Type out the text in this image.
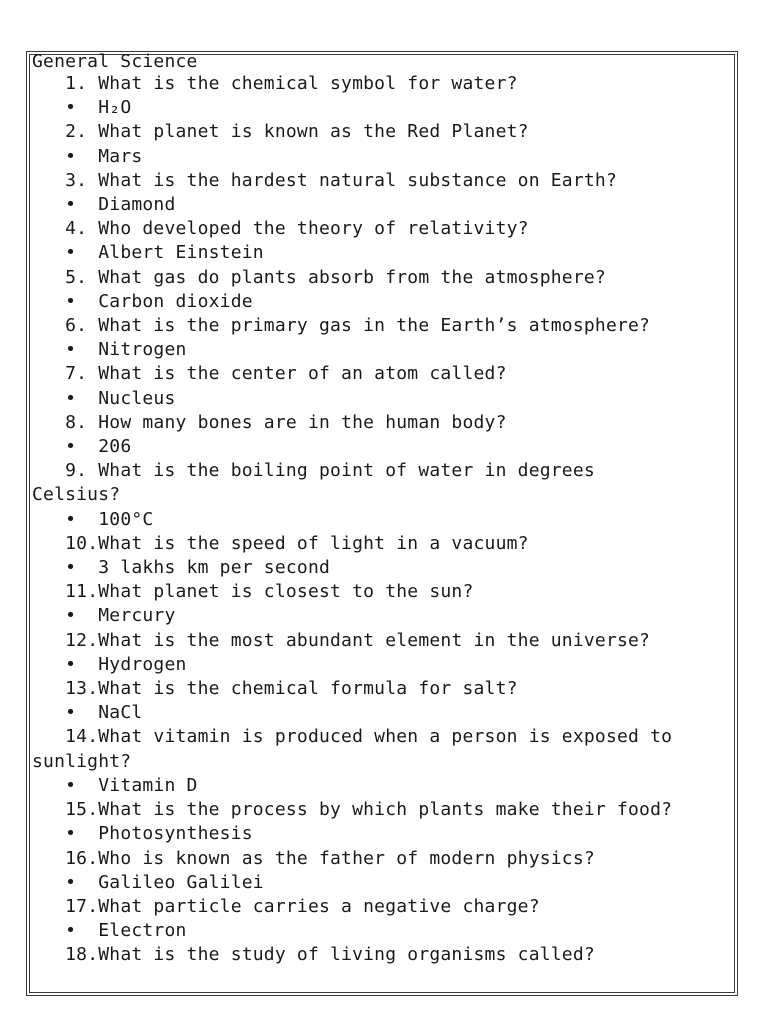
General Science
1. What is the chemical symbol for water?
• H₂O
2. What planet is known as the Red Planet?
• Mars
3. What is the hardest natural substance on Earth?
• Diamond
4. Who developed the theory of relativity?
• Albert Einstein
5. What gas do plants absorb from the atmosphere?
• Carbon dioxide
6. What is the primary gas in the Earth’s atmosphere?
• Nitrogen
7. What is the center of an atom called?
• Nucleus
8. How many bones are in the human body?
• 206
9. What is the boiling point of water in degrees
Celsius?
• 100°C
10.What is the speed of light in a vacuum?
• 3 lakhs km per second
11.What planet is closest to the sun?
• Mercury
12.What is the most abundant element in the universe?
• Hydrogen
13.What is the chemical formula for salt?
• NaCl
14.What vitamin is produced when a person is exposed to
sunlight?
• Vitamin D
15.What is the process by which plants make their food?
• Photosynthesis
16.Who is known as the father of modern physics?
• Galileo Galilei
17.What particle carries a negative charge?
• Electron
18.What is the study of living organisms called?
